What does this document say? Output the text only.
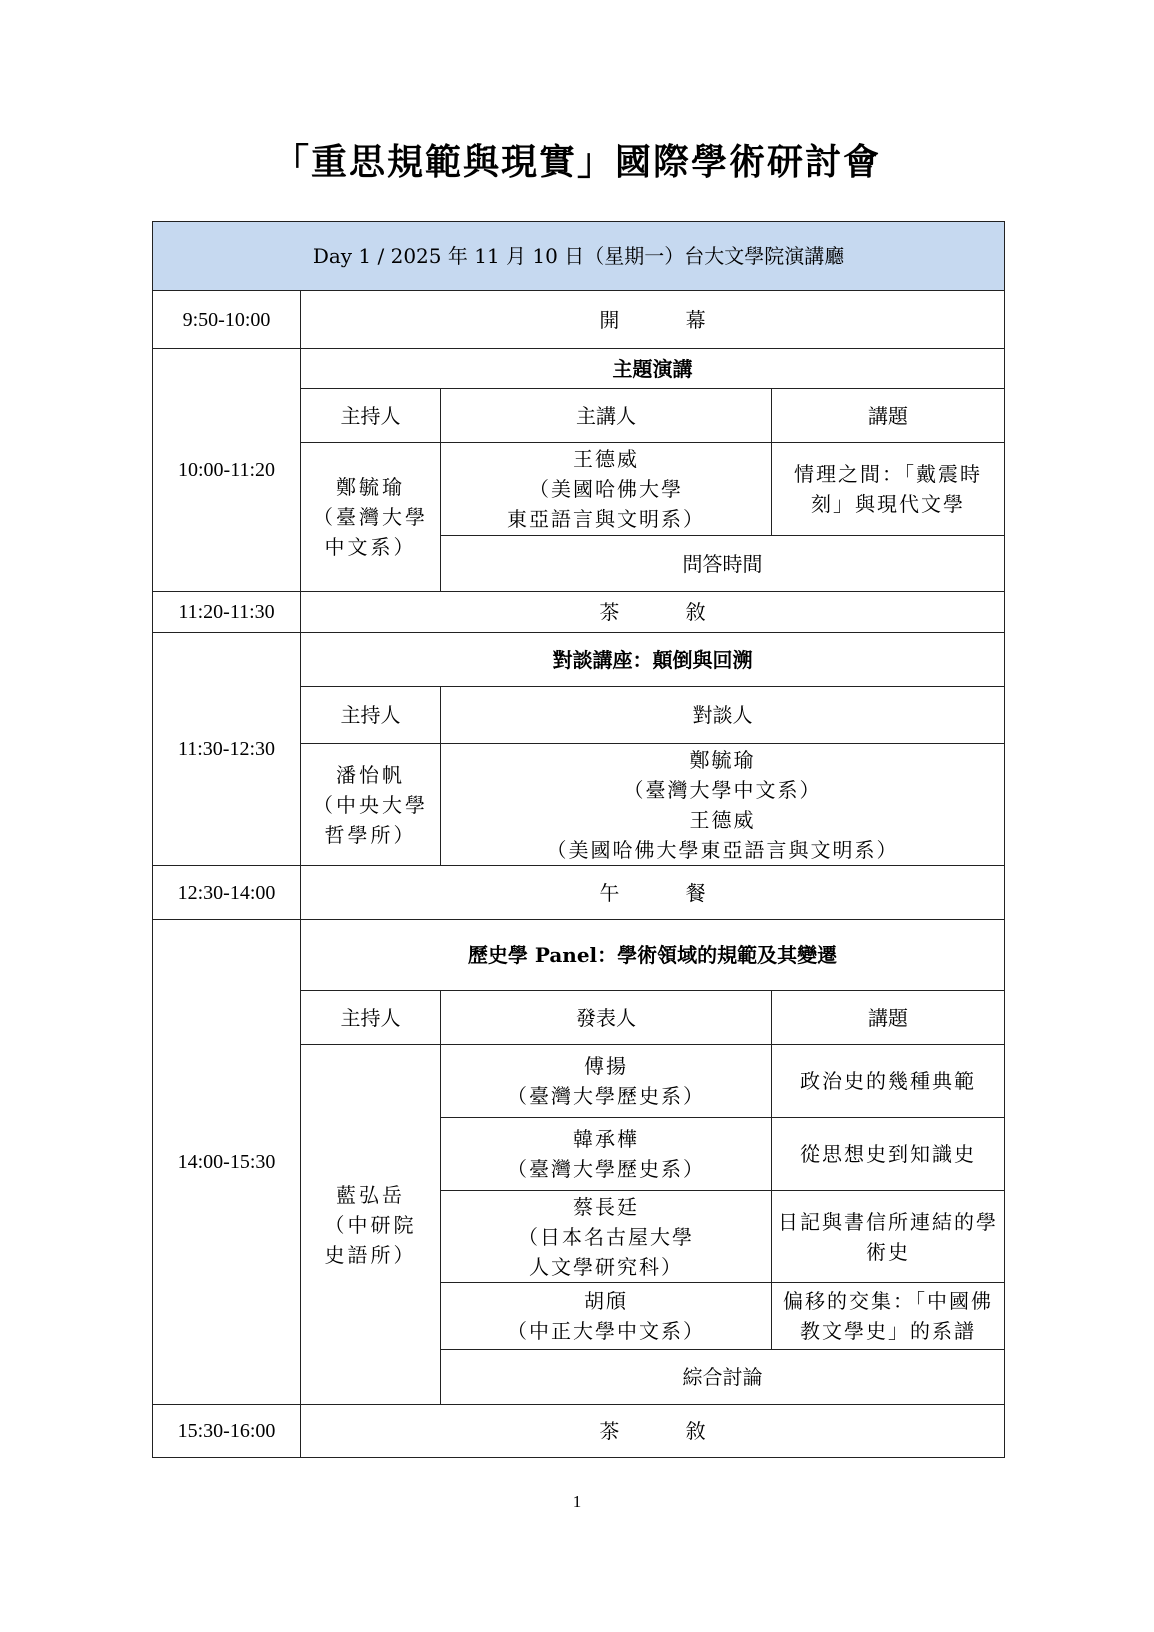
「重思規範與現實」國際學術研討會
Day 1 / 2025 年 11 月 10 日（星期一）台大文學院演講廳			
9:50-10:00	開 幕		
10:00-11:20	主題演講		
	主持人	主講人	講題

	鄭毓瑜
（臺灣大學
中文系）	王德威
（美國哈佛大學
東亞語言與文明系）	情理之間：「戴震時刻」與現代文學
		問答時間	
11:20-11:30	茶 敘		
11:30-12:30	對談講座：顛倒與回溯		
	主持人	對談人	

	潘怡帆
（中央大學
哲學所）	鄭毓瑜
（臺灣大學中文系）
王德威
（美國哈佛大學東亞語言與文明系）	

12:30-14:00	午 餐		
14:00-15:30	歷史學 Panel：學術領域的規範及其變遷		
	主持人	發表人	講題

	藍弘岳
（中研院
史語所）	傅揚
（臺灣大學歷史系）	政治史的幾種典範

		韓承樺
（臺灣大學歷史系）	從思想史到知識史

		蔡長廷
（日本名古屋大學
人文學研究科）	日記與書信所連結的學術史

		胡頎
（中正大學中文系）	偏移的交集：「中國佛教文學史」的系譜
		綜合討論	
15:30-16:00	茶 敘		
1
